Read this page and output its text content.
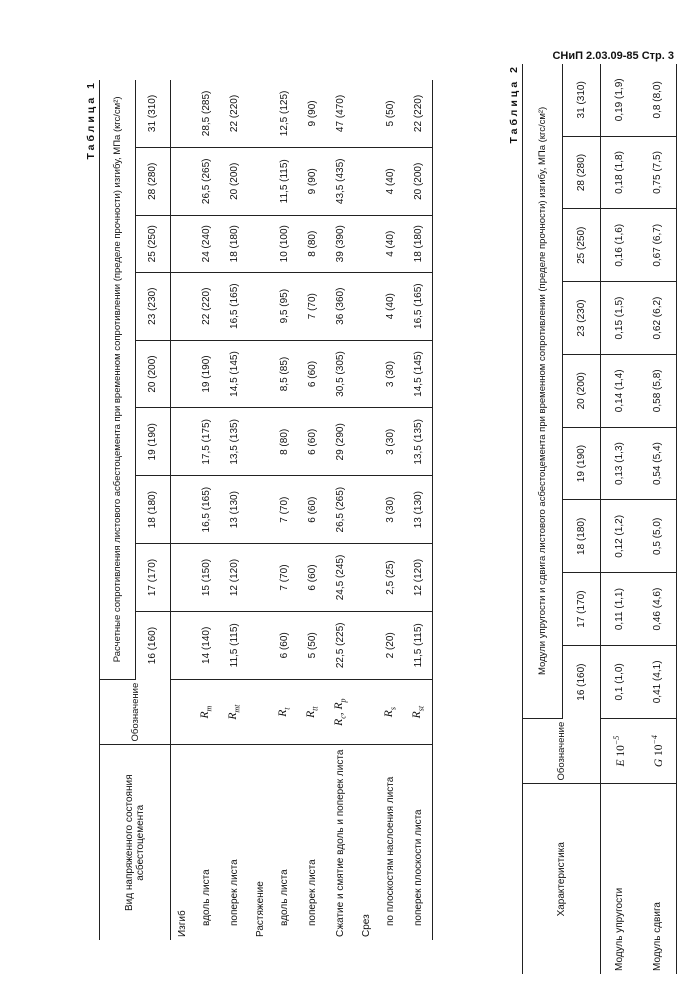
СНиП 2.03.09-85 Стр. 3
Таблица 1
Вид напряженного состояния асбестоцемента	Обозначение	Расчетные сопротивления листового асбестоцемента при временном сопротивлении (пределе прочности) изгибу, МПа (кгс/см²)								
		16 (160)	17 (170)	18 (180)	19 (190)	20 (200)	23 (230)	25 (250)	28 (280)	31 (310)
Изгиб										
вдоль листа	$R_m$	14 (140)	15 (150)	16,5 (165)	17,5 (175)	19 (190)	22 (220)	24 (240)	26,5 (265)	28,5 (285)
поперек листа	$R_{mt}$	11,5 (115)	12 (120)	13 (130)	13,5 (135)	14,5 (145)	16,5 (165)	18 (180)	20 (200)	22 (220)
Растяжение										
вдоль листа	$R_t$	6 (60)	7 (70)	7 (70)	8 (80)	8,5 (85)	9,5 (95)	10 (100)	11,5 (115)	12,5 (125)
поперек листа	$R_{tt}$	5 (50)	6 (60)	6 (60)	6 (60)	6 (60)	7 (70)	8 (80)	9 (90)	9 (90)
Сжатие и смятие вдоль и поперек листа	$R_c$, $R_p$	22,5 (225)	24,5 (245)	26,5 (265)	29 (290)	30,5 (305)	36 (360)	39 (390)	43,5 (435)	47 (470)
Срез										
по плоскостям наслоения листа	$R_s$	2 (20)	2,5 (25)	3 (30)	3 (30)	3 (30)	4 (40)	4 (40)	4 (40)	5 (50)
поперек плоскости листа	$R_{st}$	11,5 (115)	12 (120)	13 (130)	13,5 (135)	14,5 (145)	16,5 (165)	18 (180)	20 (200)	22 (220)	Таблица 2
Характеристика	Обозначение	Модули упругости и сдвига листового асбестоцемента при временном сопротивлении (пределе прочности) изгибу, МПа (кгс/см²)								
		16 (160)	17 (170)	18 (180)	19 (190)	20 (200)	23 (230)	25 (250)	28 (280)	31 (310)
Модуль упругости	E $10^{-5}$	0,1 (1,0)	0,11 (1,1)	0,12 (1,2)	0,13 (1,3)	0,14 (1,4)	0,15 (1,5)	0,16 (1,6)	0,18 (1,8)	0,19 (1,9)
Модуль сдвига	G $10^{-4}$	0,41 (4,1)	0,46 (4,6)	0,5 (5,0)	0,54 (5,4)	0,58 (5,8)	0,62 (6,2)	0,67 (6,7)	0,75 (7,5)	0,8 (8,0)
